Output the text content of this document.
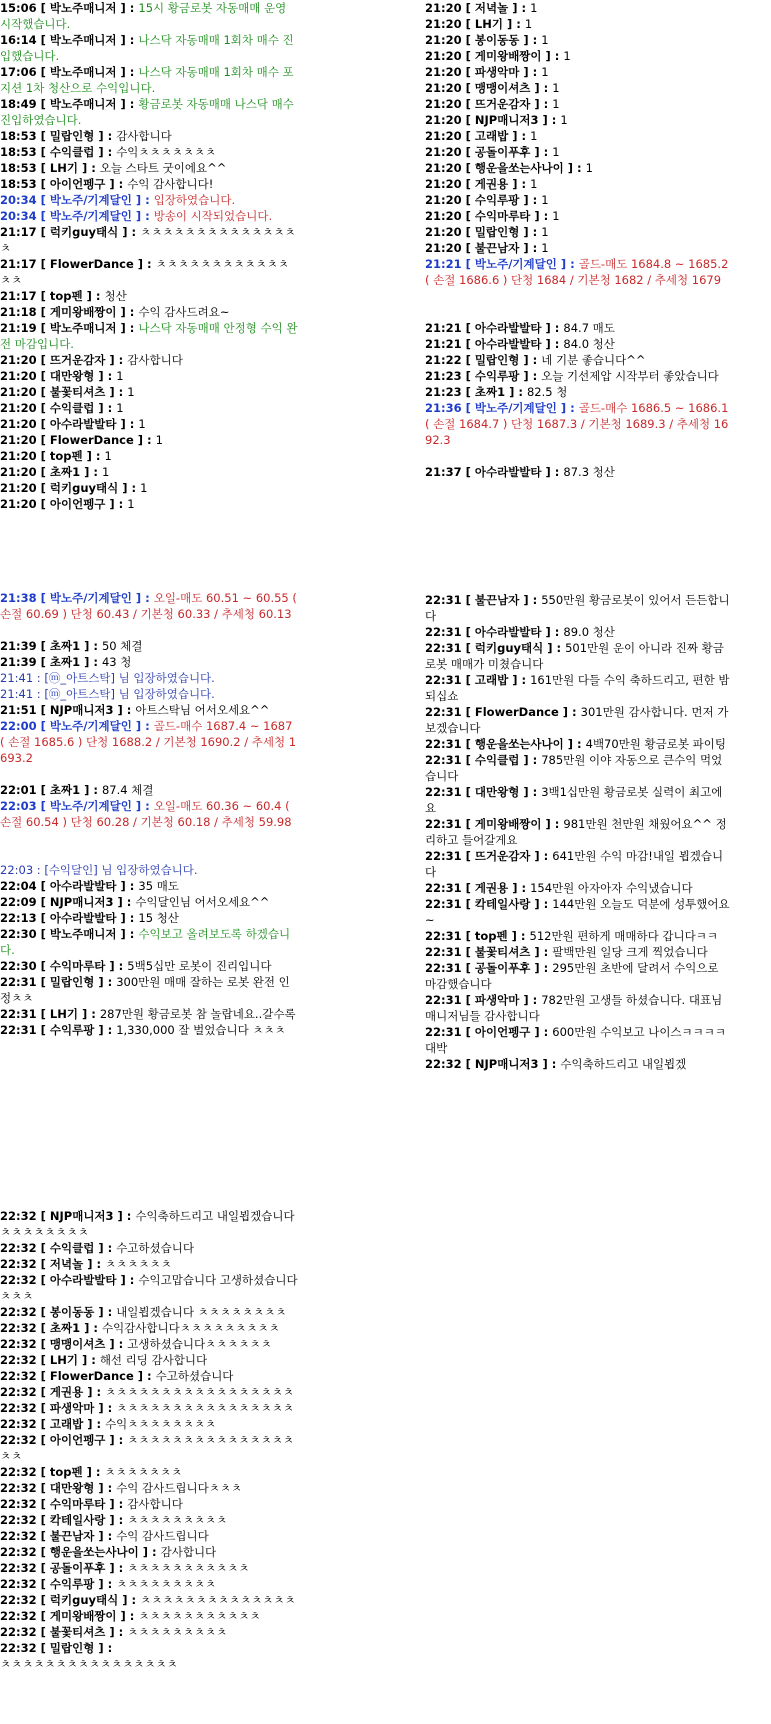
15:06 [ 박노주매니저 ] : 15시 황금로봇 자동매매 운영 시작했습니다.

16:14 [ 박노주매니저 ] : 나스닥 자동매매 1회차 매수 진입했습니다.

17:06 [ 박노주매니저 ] : 나스닥 자동매매 1회차 매수 포지션 1차 청산으로 수익입니다.

18:49 [ 박노주매니저 ] : 황금로봇 자동매매 나스닥 매수 진입하였습니다.

18:53 [ 밀랍인형 ] : 감사합니다

18:53 [ 수익클럽 ] : 수익ㅊㅊㅊㅊㅊㅊㅊ

18:53 [ LH기 ] : 오늘 스타트 굿이에요^^

18:53 [ 아이언펭구 ] : 수익 감사합니다!

20:34 [ 박노주/기계달인 ] : 입장하였습니다.

20:34 [ 박노주/기계달인 ] : 방송이 시작되었습니다.

21:17 [ 럭키guy태식 ] : ㅊㅊㅊㅊㅊㅊㅊㅊㅊㅊㅊㅊㅊㅊㅊ

21:17 [ FlowerDance ] : ㅊㅊㅊㅊㅊㅊㅊㅊㅊㅊㅊㅊㅊㅊ

21:17 [ top펜 ] : 청산

21:18 [ 게미왕배짱이 ] : 수익 감사드려요~

21:19 [ 박노주매니저 ] : 나스닥 자동매매 안정형 수익 완전 마감입니다.

21:20 [ 뜨거운감자 ] : 감사합니다

21:20 [ 대만왕형 ] : 1

21:20 [ 불꽃티셔츠 ] : 1

21:20 [ 수익클럽 ] : 1

21:20 [ 아수라발발타 ] : 1

21:20 [ FlowerDance ] : 1

21:20 [ top펜 ] : 1

21:20 [ 초짜1 ] : 1

21:20 [ 럭키guy태식 ] : 1

21:20 [ 아이언펭구 ] : 1

21:20 [ 저녁놀 ] : 1

21:20 [ LH기 ] : 1

21:20 [ 봉이동동 ] : 1

21:20 [ 게미왕배짱이 ] : 1

21:20 [ 파생악마 ] : 1

21:20 [ 맹맹이셔츠 ] : 1

21:20 [ 뜨거운감자 ] : 1

21:20 [ NJP매니저3 ] : 1

21:20 [ 고래밥 ] : 1

21:20 [ 공돌이푸후 ] : 1

21:20 [ 행운을쏘는사나이 ] : 1

21:20 [ 게권용 ] : 1

21:20 [ 수익루팡 ] : 1

21:20 [ 수익마루타 ] : 1

21:20 [ 밀랍인형 ] : 1

21:20 [ 불끈남자 ] : 1

21:21 [ 박노주/기계달인 ] : 골드-매도 1684.8 ~ 1685.2 ( 손절 1686.6 ) 단청 1684 / 기본청 1682 / 추세청 1679

21:21 [ 아수라발발타 ] : 84.7 매도

21:21 [ 아수라발발타 ] : 84.0 청산

21:22 [ 밀랍인형 ] : 네 기분 좋습니다^^

21:23 [ 수익루팡 ] : 오늘 기선제압 시작부터 좋았습니다

21:23 [ 초짜1 ] : 82.5 청

21:36 [ 박노주/기계달인 ] : 골드-매수 1686.5 ~ 1686.1 ( 손절 1684.7 ) 단청 1687.3 / 기본청 1689.3 / 추세청 1692.3

21:37 [ 아수라발발타 ] : 87.3 청산

21:38 [ 박노주/기계달인 ] : 오일-매도 60.51 ~ 60.55 ( 손절 60.69 ) 단청 60.43 / 기본청 60.33 / 추세청 60.13

21:39 [ 초짜1 ] : 50 체결

21:39 [ 초짜1 ] : 43 청

21:41 : [ⓜ_아트스탁] 님 입장하였습니다.

21:41 : [ⓜ_아트스탁] 님 입장하였습니다.

21:51 [ NJP매니저3 ] : 아트스탁님 어서오세요^^

22:00 [ 박노주/기계달인 ] : 골드-매수 1687.4 ~ 1687 ( 손절 1685.6 ) 단청 1688.2 / 기본청 1690.2 / 추세청 1693.2

22:01 [ 초짜1 ] : 87.4 체결

22:03 [ 박노주/기계달인 ] : 오일-매도 60.36 ~ 60.4 ( 손절 60.54 ) 단청 60.28 / 기본청 60.18 / 추세청 59.98

22:03 : [수익달인] 님 입장하였습니다.

22:04 [ 아수라발발타 ] : 35 매도

22:09 [ NJP매니저3 ] : 수익달인님 어서오세요^^

22:13 [ 아수라발발타 ] : 15 청산

22:30 [ 박노주매니저 ] : 수익보고 올려보도록 하겠습니다.

22:30 [ 수익마루타 ] : 5백5십만 로봇이 진리입니다

22:31 [ 밀랍인형 ] : 300만원 매매 잘하는 로봇 완전 인정ㅊㅊ

22:31 [ LH기 ] : 287만원 황금로봇 참 놀랍네요..갈수록

22:31 [ 수익루팡 ] : 1,330,000 잘 벌었습니다 ㅊㅊㅊ

22:31 [ 불끈남자 ] : 550만원 황금로봇이 있어서 든든합니다

22:31 [ 아수라발발타 ] : 89.0 청산

22:31 [ 럭키guy태식 ] : 501만원 운이 아니라 진짜 황금로봇 매매가 미쳤습니다

22:31 [ 고래밥 ] : 161만원 다들 수익 축하드리고, 편한 밤 되십쇼

22:31 [ FlowerDance ] : 301만원 감사합니다. 먼저 가보겠습니다

22:31 [ 행운을쏘는사나이 ] : 4백70만원 황금로봇 파이팅

22:31 [ 수익클럽 ] : 785만원 이야 자동으로 큰수익 먹었습니다

22:31 [ 대만왕형 ] : 3백1십만원 황금로봇 실력이 최고에요

22:31 [ 게미왕배짱이 ] : 981만원 천만원 채웠어요^^ 정리하고 들어갈게요

22:31 [ 뜨거운감자 ] : 641만원 수익 마감!내일 뵙겠습니다

22:31 [ 게권용 ] : 154만원 아자아자 수익냈습니다

22:31 [ 칵테일사랑 ] : 144만원 오늘도 덕분에 성투했어요~

22:31 [ top펜 ] : 512만원 편하게 매매하다 갑니다ㅋㅋ

22:31 [ 불꽃티셔츠 ] : 팔백만원 일당 크게 찍었습니다

22:31 [ 공돌이푸후 ] : 295만원 초반에 달려서 수익으로 마감했습니다

22:31 [ 파생악마 ] : 782만원 고생들 하셨습니다. 대표님 매니저님들 감사합니다

22:31 [ 아이언펭구 ] : 600만원 수익보고 나이스ㅋㅋㅋㅋ대박

22:32 [ NJP매니저3 ] : 수익축하드리고 내일뵙겠

22:32 [ NJP매니저3 ] : 수익축하드리고 내일뵙겠습니다 ㅊㅊㅊㅊㅊㅊㅊㅊ

22:32 [ 수익클럽 ] : 수고하셨습니다

22:32 [ 저녁놀 ] : ㅊㅊㅊㅊㅊㅊ

22:32 [ 아수라발발타 ] : 수익고맙습니다 고생하셨습니다ㅊㅊㅊ

22:32 [ 봉이동동 ] : 내일뵙겠습니다 ㅊㅊㅊㅊㅊㅊㅊㅊ

22:32 [ 초짜1 ] : 수익감사합니다ㅊㅊㅊㅊㅊㅊㅊㅊㅊ

22:32 [ 맹맹이셔츠 ] : 고생하셨습니다ㅊㅊㅊㅊㅊㅊ

22:32 [ LH기 ] : 해선 리딩 감사합니다

22:32 [ FlowerDance ] : 수고하셨습니다

22:32 [ 게권용 ] : ㅊㅊㅊㅊㅊㅊㅊㅊㅊㅊㅊㅊㅊㅊㅊㅊㅊ

22:32 [ 파생악마 ] : ㅊㅊㅊㅊㅊㅊㅊㅊㅊㅊㅊㅊㅊㅊㅊㅊ

22:32 [ 고래밥 ] : 수익ㅊㅊㅊㅊㅊㅊㅊㅊ

22:32 [ 아이언펭구 ] : ㅊㅊㅊㅊㅊㅊㅊㅊㅊㅊㅊㅊㅊㅊㅊㅊㅊ

22:32 [ top펜 ] : ㅊㅊㅊㅊㅊㅊㅊ

22:32 [ 대만왕형 ] : 수익 감사드립니다ㅊㅊㅊ

22:32 [ 수익마루타 ] : 감사합니다

22:32 [ 칵테일사랑 ] : ㅊㅊㅊㅊㅊㅊㅊㅊㅊ

22:32 [ 불끈남자 ] : 수익 감사드립니다

22:32 [ 행운을쏘는사나이 ] : 감사합니다

22:32 [ 공돌이푸후 ] : ㅊㅊㅊㅊㅊㅊㅊㅊㅊㅊㅊ

22:32 [ 수익루팡 ] : ㅊㅊㅊㅊㅊㅊㅊㅊㅊ

22:32 [ 럭키guy태식 ] : ㅊㅊㅊㅊㅊㅊㅊㅊㅊㅊㅊㅊㅊㅊ

22:32 [ 게미왕배짱이 ] : ㅊㅊㅊㅊㅊㅊㅊㅊㅊㅊㅊ

22:32 [ 불꽃티셔츠 ] : ㅊㅊㅊㅊㅊㅊㅊㅊㅊ

22:32 [ 밀랍인형 ] :

ㅊㅊㅊㅊㅊㅊㅊㅊㅊㅊㅊㅊㅊㅊㅊㅊ
